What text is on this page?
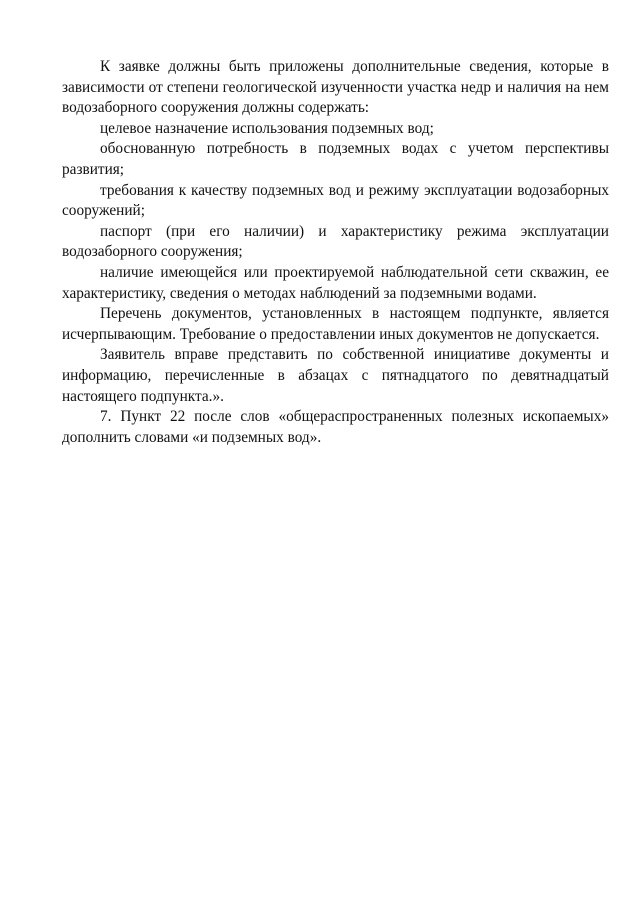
К заявке должны быть приложены дополнительные сведения, которые в зависимости от степени геологической изученности участка недр и наличия на нем водозаборного сооружения должны содержать:

целевое назначение использования подземных вод;

обоснованную потребность в подземных водах с учетом перспективы развития;

требования к качеству подземных вод и режиму эксплуатации водозаборных сооружений;

паспорт (при его наличии) и характеристику режима эксплуатации водозаборного сооружения;

наличие имеющейся или проектируемой наблюдательной сети скважин, ее характеристику, сведения о методах наблюдений за подземными водами.

Перечень документов, установленных в настоящем подпункте, является исчерпывающим. Требование о предоставлении иных документов не допускается.

Заявитель вправе представить по собственной инициативе документы и информацию, перечисленные в абзацах с пятнадцатого по девятнадцатый настоящего подпункта.».

7. Пункт 22 после слов «общераспространенных полезных ископаемых» дополнить словами «и подземных вод».
